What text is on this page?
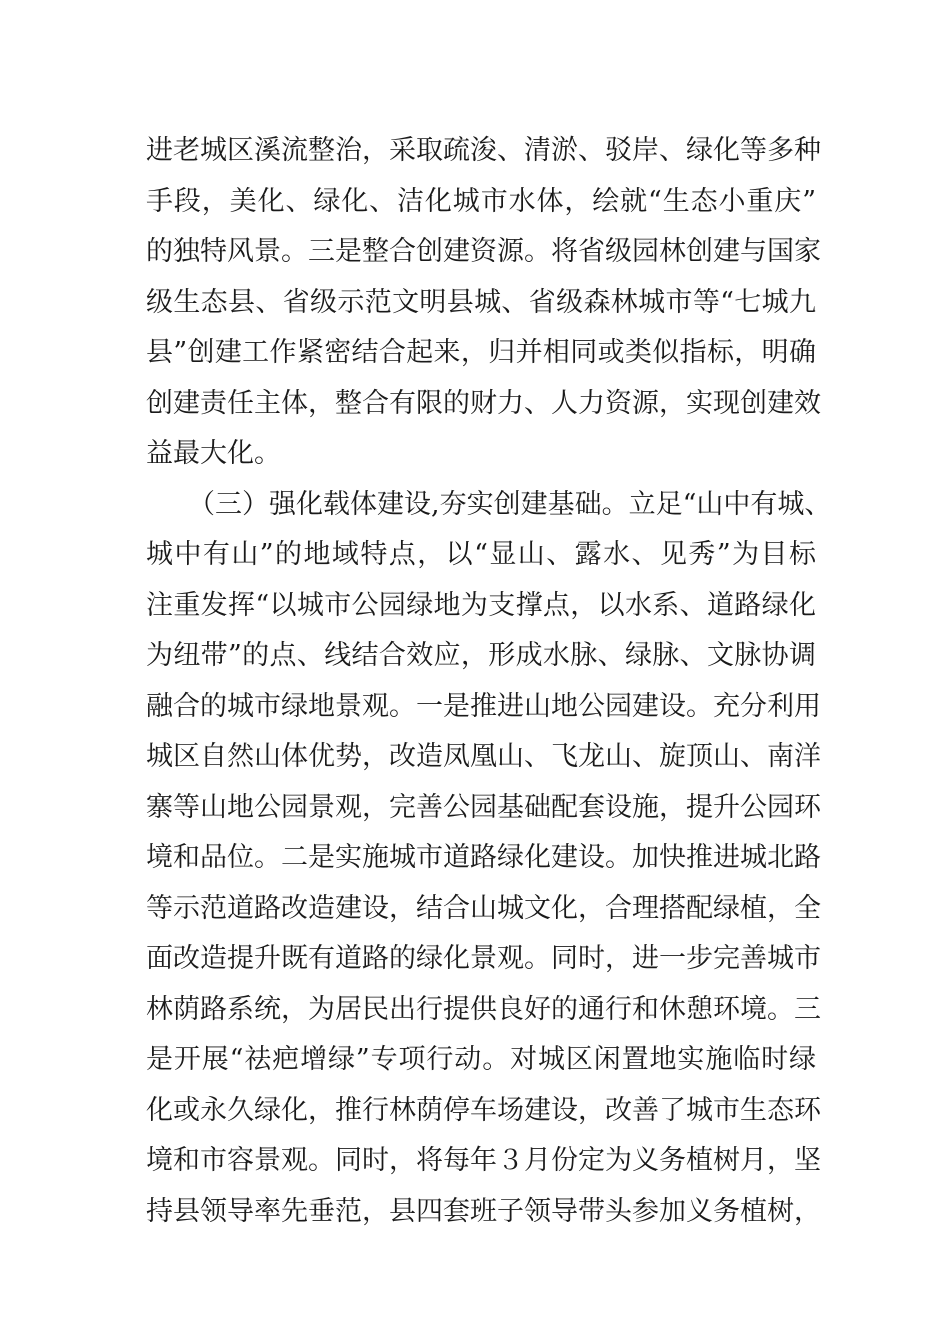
进老城区溪流整治，采取疏浚、清淤、驳岸、绿化等多种
手段，美化、绿化、洁化城市水体，绘就“生态小重庆”
的独特风景。三是整合创建资源。将省级园林创建与国家
级生态县、省级示范文明县城、省级森林城市等“七城九
县”创建工作紧密结合起来，归并相同或类似指标，明确
创建责任主体，整合有限的财力、人力资源，实现创建效
益最大化。
（三）强化载体建设,夯实创建基础。立足“山中有城、
城中有山”的地域特点，以“显山、露水、见秀”为目标
注重发挥“以城市公园绿地为支撑点，以水系、道路绿化
为纽带”的点、线结合效应，形成水脉、绿脉、文脉协调
融合的城市绿地景观。一是推进山地公园建设。充分利用
城区自然山体优势，改造凤凰山、飞龙山、旋顶山、南洋
寨等山地公园景观，完善公园基础配套设施，提升公园环
境和品位。二是实施城市道路绿化建设。加快推进城北路
等示范道路改造建设，结合山城文化，合理搭配绿植，全
面改造提升既有道路的绿化景观。同时，进一步完善城市
林荫路系统，为居民出行提供良好的通行和休憩环境。三
是开展“祛疤增绿”专项行动。对城区闲置地实施临时绿
化或永久绿化，推行林荫停车场建设，改善了城市生态环
境和市容景观。同时，将每年３月份定为义务植树月，坚
持县领导率先垂范，县四套班子领导带头参加义务植树，
